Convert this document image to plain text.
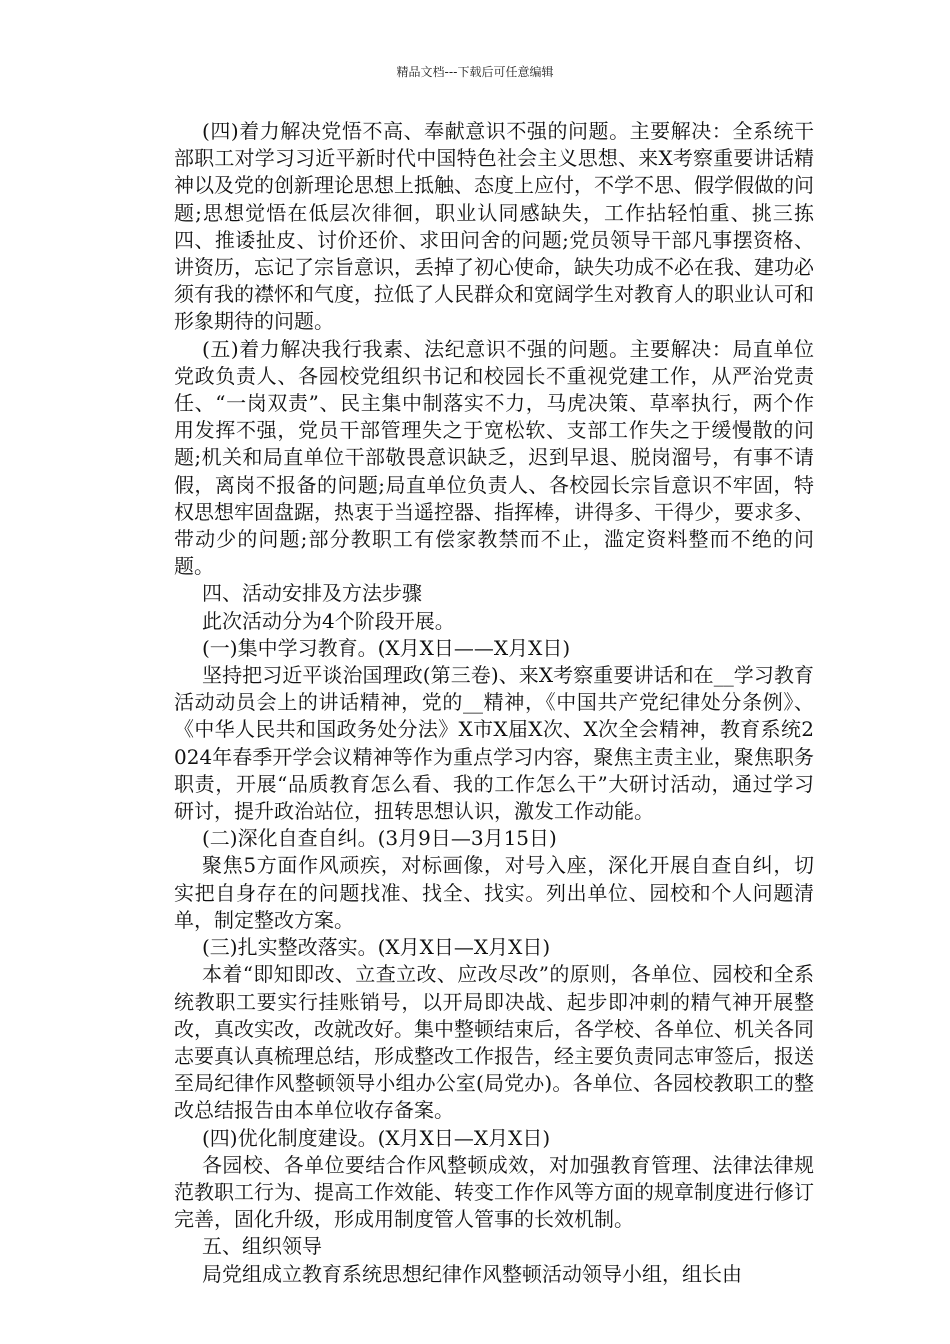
精品文档---下载后可任意编辑

(四)着力解决党悟不高、奉献意识不强的问题。主要解决：全系统干部职工对学习习近平新时代中国特色社会主义思想、来X考察重要讲话精神以及党的创新理论思想上抵触、态度上应付，不学不思、假学假做的问题;思想觉悟在低层次徘徊，职业认同感缺失，工作拈轻怕重、挑三拣四、推诿扯皮、讨价还价、求田问舍的问题;党员领导干部凡事摆资格、讲资历，忘记了宗旨意识，丢掉了初心使命，缺失功成不必在我、建功必须有我的襟怀和气度，拉低了人民群众和宽阔学生对教育人的职业认可和形象期待的问题。

(五)着力解决我行我素、法纪意识不强的问题。主要解决：局直单位党政负责人、各园校党组织书记和校园长不重视党建工作，从严治党责任、“一岗双责”、民主集中制落实不力，马虎决策、草率执行，两个作用发挥不强，党员干部管理失之于宽松软、支部工作失之于缓慢散的问题;机关和局直单位干部敬畏意识缺乏，迟到早退、脱岗溜号，有事不请假，离岗不报备的问题;局直单位负责人、各校园长宗旨意识不牢固，特权思想牢固盘踞，热衷于当遥控器、指挥棒，讲得多、干得少，要求多、带动少的问题;部分教职工有偿家教禁而不止，滥定资料整而不绝的问题。

四、活动安排及方法步骤

此次活动分为4个阶段开展。

(一)集中学习教育。(X月X日——X月X日)

坚持把习近平谈治国理政(第三卷)、来X考察重要讲话和在__学习教育活动动员会上的讲话精神，党的__精神，《中国共产党纪律处分条例》、《中华人民共和国政务处分法》X市X届X次、X次全会精神，教育系统2024年春季开学会议精神等作为重点学习内容，聚焦主责主业，聚焦职务职责，开展“品质教育怎么看、我的工作怎么干”大研讨活动，通过学习研讨，提升政治站位，扭转思想认识，激发工作动能。

(二)深化自查自纠。(3月9日—3月15日)

聚焦5方面作风顽疾，对标画像，对号入座，深化开展自查自纠，切实把自身存在的问题找准、找全、找实。列出单位、园校和个人问题清单，制定整改方案。

(三)扎实整改落实。(X月X日—X月X日)

本着“即知即改、立查立改、应改尽改”的原则，各单位、园校和全系统教职工要实行挂账销号，以开局即决战、起步即冲刺的精气神开展整改，真改实改，改就改好。集中整顿结束后，各学校、各单位、机关各同志要真认真梳理总结，形成整改工作报告，经主要负责同志审签后，报送至局纪律作风整顿领导小组办公室(局党办)。各单位、各园校教职工的整改总结报告由本单位收存备案。

(四)优化制度建设。(X月X日—X月X日)

各园校、各单位要结合作风整顿成效，对加强教育管理、法律法律规范教职工行为、提高工作效能、转变工作作风等方面的规章制度进行修订完善，固化升级，形成用制度管人管事的长效机制。

五、组织领导

局党组成立教育系统思想纪律作风整顿活动领导小组，组长由
